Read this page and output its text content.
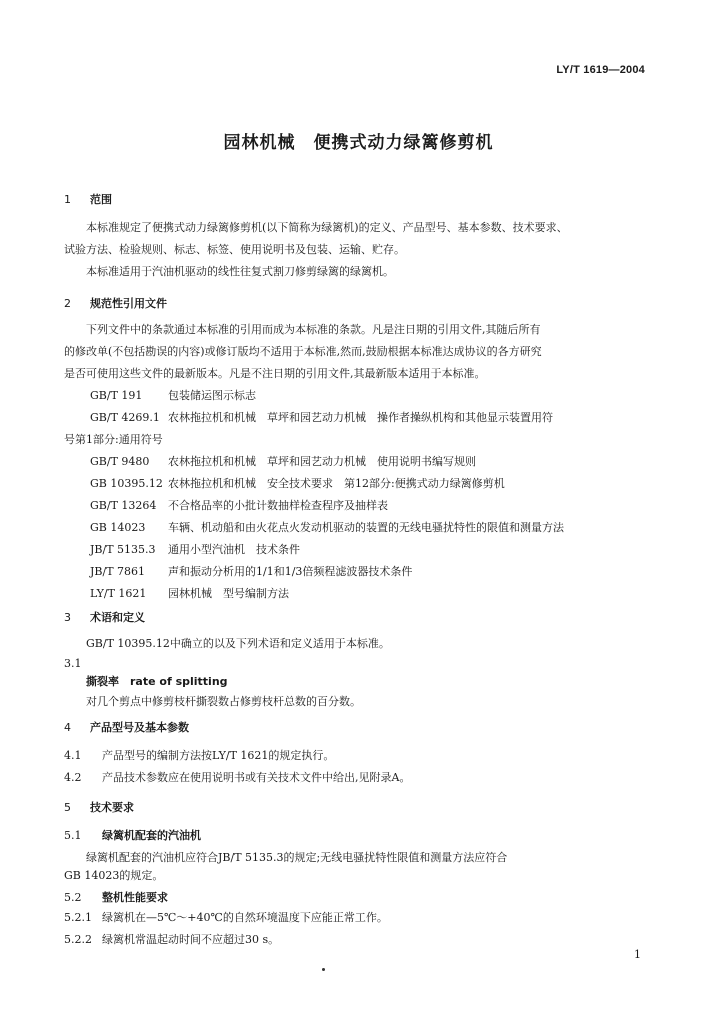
LY/T 1619—2004
园林机械　便携式动力绿篱修剪机
1 范围
本标准规定了便携式动力绿篱修剪机(以下简称为绿篱机)的定义、产品型号、基本参数、技术要求、
试验方法、检验规则、标志、标签、使用说明书及包装、运输、贮存。
本标准适用于汽油机驱动的线性往复式割刀修剪绿篱的绿篱机。
2 规范性引用文件
下列文件中的条款通过本标准的引用而成为本标准的条款。凡是注日期的引用文件,其随后所有
的修改单(不包括勘误的内容)或修订版均不适用于本标准,然而,鼓励根据本标准达成协议的各方研究
是否可使用这些文件的最新版本。凡是不注日期的引用文件,其最新版本适用于本标准。
GB/T 191 包装储运图示标志
GB/T 4269.1 农林拖拉机和机械　草坪和园艺动力机械　操作者操纵机构和其他显示装置用符
号第1部分:通用符号
GB/T 9480 农林拖拉机和机械　草坪和园艺动力机械　使用说明书编写规则
GB 10395.12 农林拖拉机和机械　安全技术要求　第12部分:便携式动力绿篱修剪机
GB/T 13264 不合格品率的小批计数抽样检查程序及抽样表
GB 14023 车辆、机动船和由火花点火发动机驱动的装置的无线电骚扰特性的限值和测量方法
JB/T 5135.3 通用小型汽油机　技术条件
JB/T 7861 声和振动分析用的1/1和1/3倍频程滤波器技术条件
LY/T 1621 园林机械　型号编制方法
3 术语和定义
GB/T 10395.12中确立的以及下列术语和定义适用于本标准。
3.1
撕裂率　rate of splitting
对几个剪点中修剪枝杆撕裂数占修剪枝杆总数的百分数。
4 产品型号及基本参数
4.1 产品型号的编制方法按LY/T 1621的规定执行。
4.2 产品技术参数应在使用说明书或有关技术文件中给出,见附录A。
5 技术要求
5.1 绿篱机配套的汽油机
绿篱机配套的汽油机应符合JB/T 5135.3的规定;无线电骚扰特性限值和测量方法应符合
GB 14023的规定。
5.2 整机性能要求
5.2.1 绿篱机在—5℃～+40℃的自然环境温度下应能正常工作。
5.2.2 绿篱机常温起动时间不应超过30 s。
1
